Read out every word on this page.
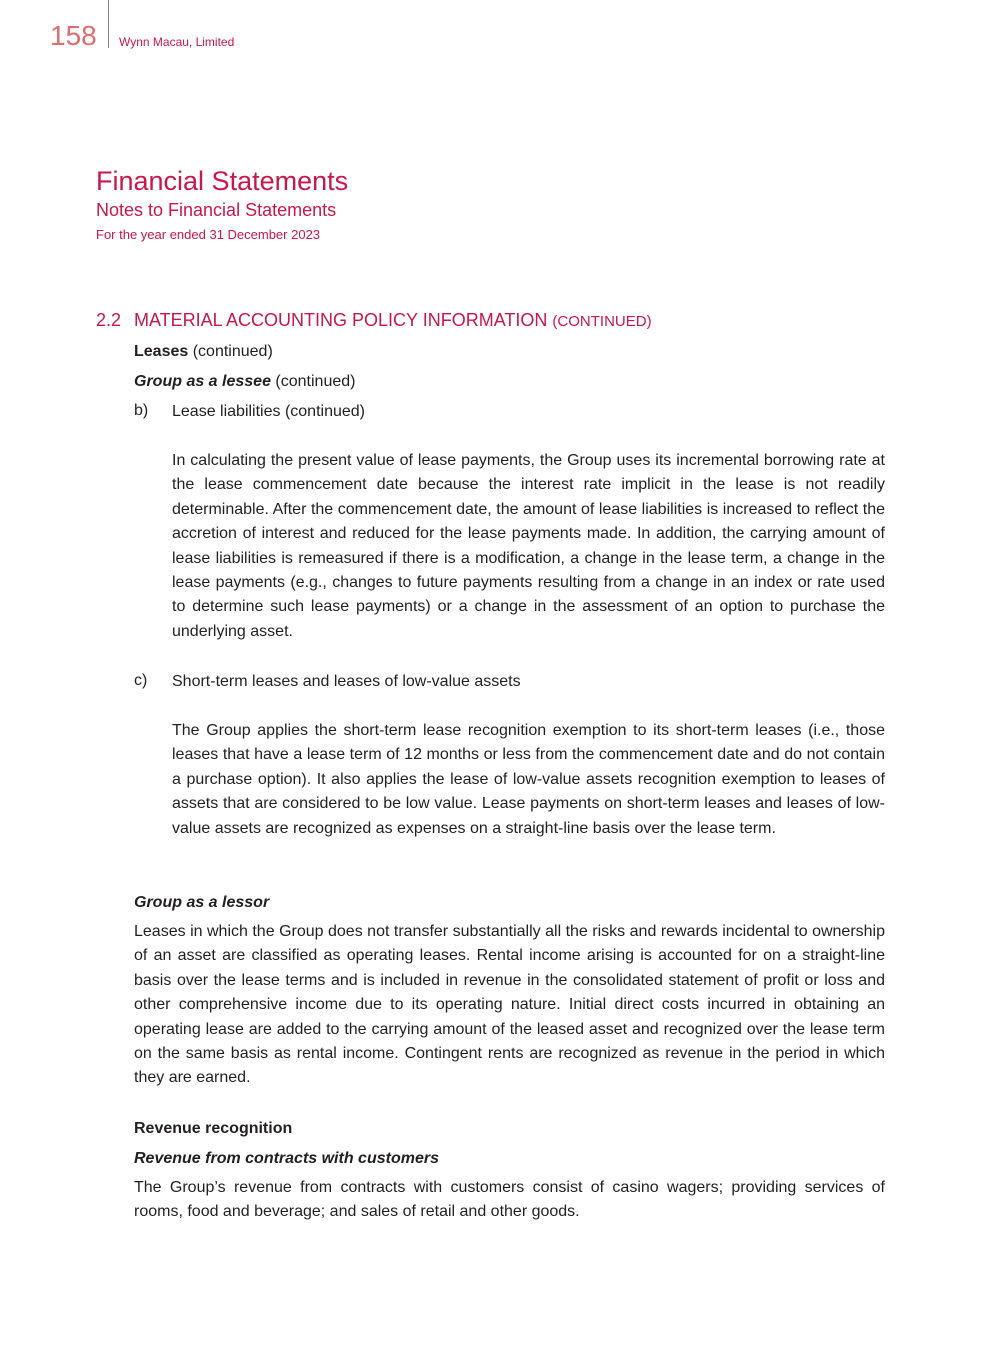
158 Wynn Macau, Limited
Financial Statements
Notes to Financial Statements
For the year ended 31 December 2023
2.2 MATERIAL ACCOUNTING POLICY INFORMATION (CONTINUED)
Leases (continued)
Group as a lessee (continued)
b) Lease liabilities (continued)
In calculating the present value of lease payments, the Group uses its incremental borrowing rate at the lease commencement date because the interest rate implicit in the lease is not readily determinable. After the commencement date, the amount of lease liabilities is increased to reflect the accretion of interest and reduced for the lease payments made. In addition, the carrying amount of lease liabilities is remeasured if there is a modification, a change in the lease term, a change in the lease payments (e.g., changes to future payments resulting from a change in an index or rate used to determine such lease payments) or a change in the assessment of an option to purchase the underlying asset.
c) Short-term leases and leases of low-value assets
The Group applies the short-term lease recognition exemption to its short-term leases (i.e., those leases that have a lease term of 12 months or less from the commencement date and do not contain a purchase option). It also applies the lease of low-value assets recognition exemption to leases of assets that are considered to be low value. Lease payments on short-term leases and leases of low-value assets are recognized as expenses on a straight-line basis over the lease term.
Group as a lessor
Leases in which the Group does not transfer substantially all the risks and rewards incidental to ownership of an asset are classified as operating leases. Rental income arising is accounted for on a straight-line basis over the lease terms and is included in revenue in the consolidated statement of profit or loss and other comprehensive income due to its operating nature. Initial direct costs incurred in obtaining an operating lease are added to the carrying amount of the leased asset and recognized over the lease term on the same basis as rental income. Contingent rents are recognized as revenue in the period in which they are earned.
Revenue recognition
Revenue from contracts with customers
The Group’s revenue from contracts with customers consist of casino wagers; providing services of rooms, food and beverage; and sales of retail and other goods.
